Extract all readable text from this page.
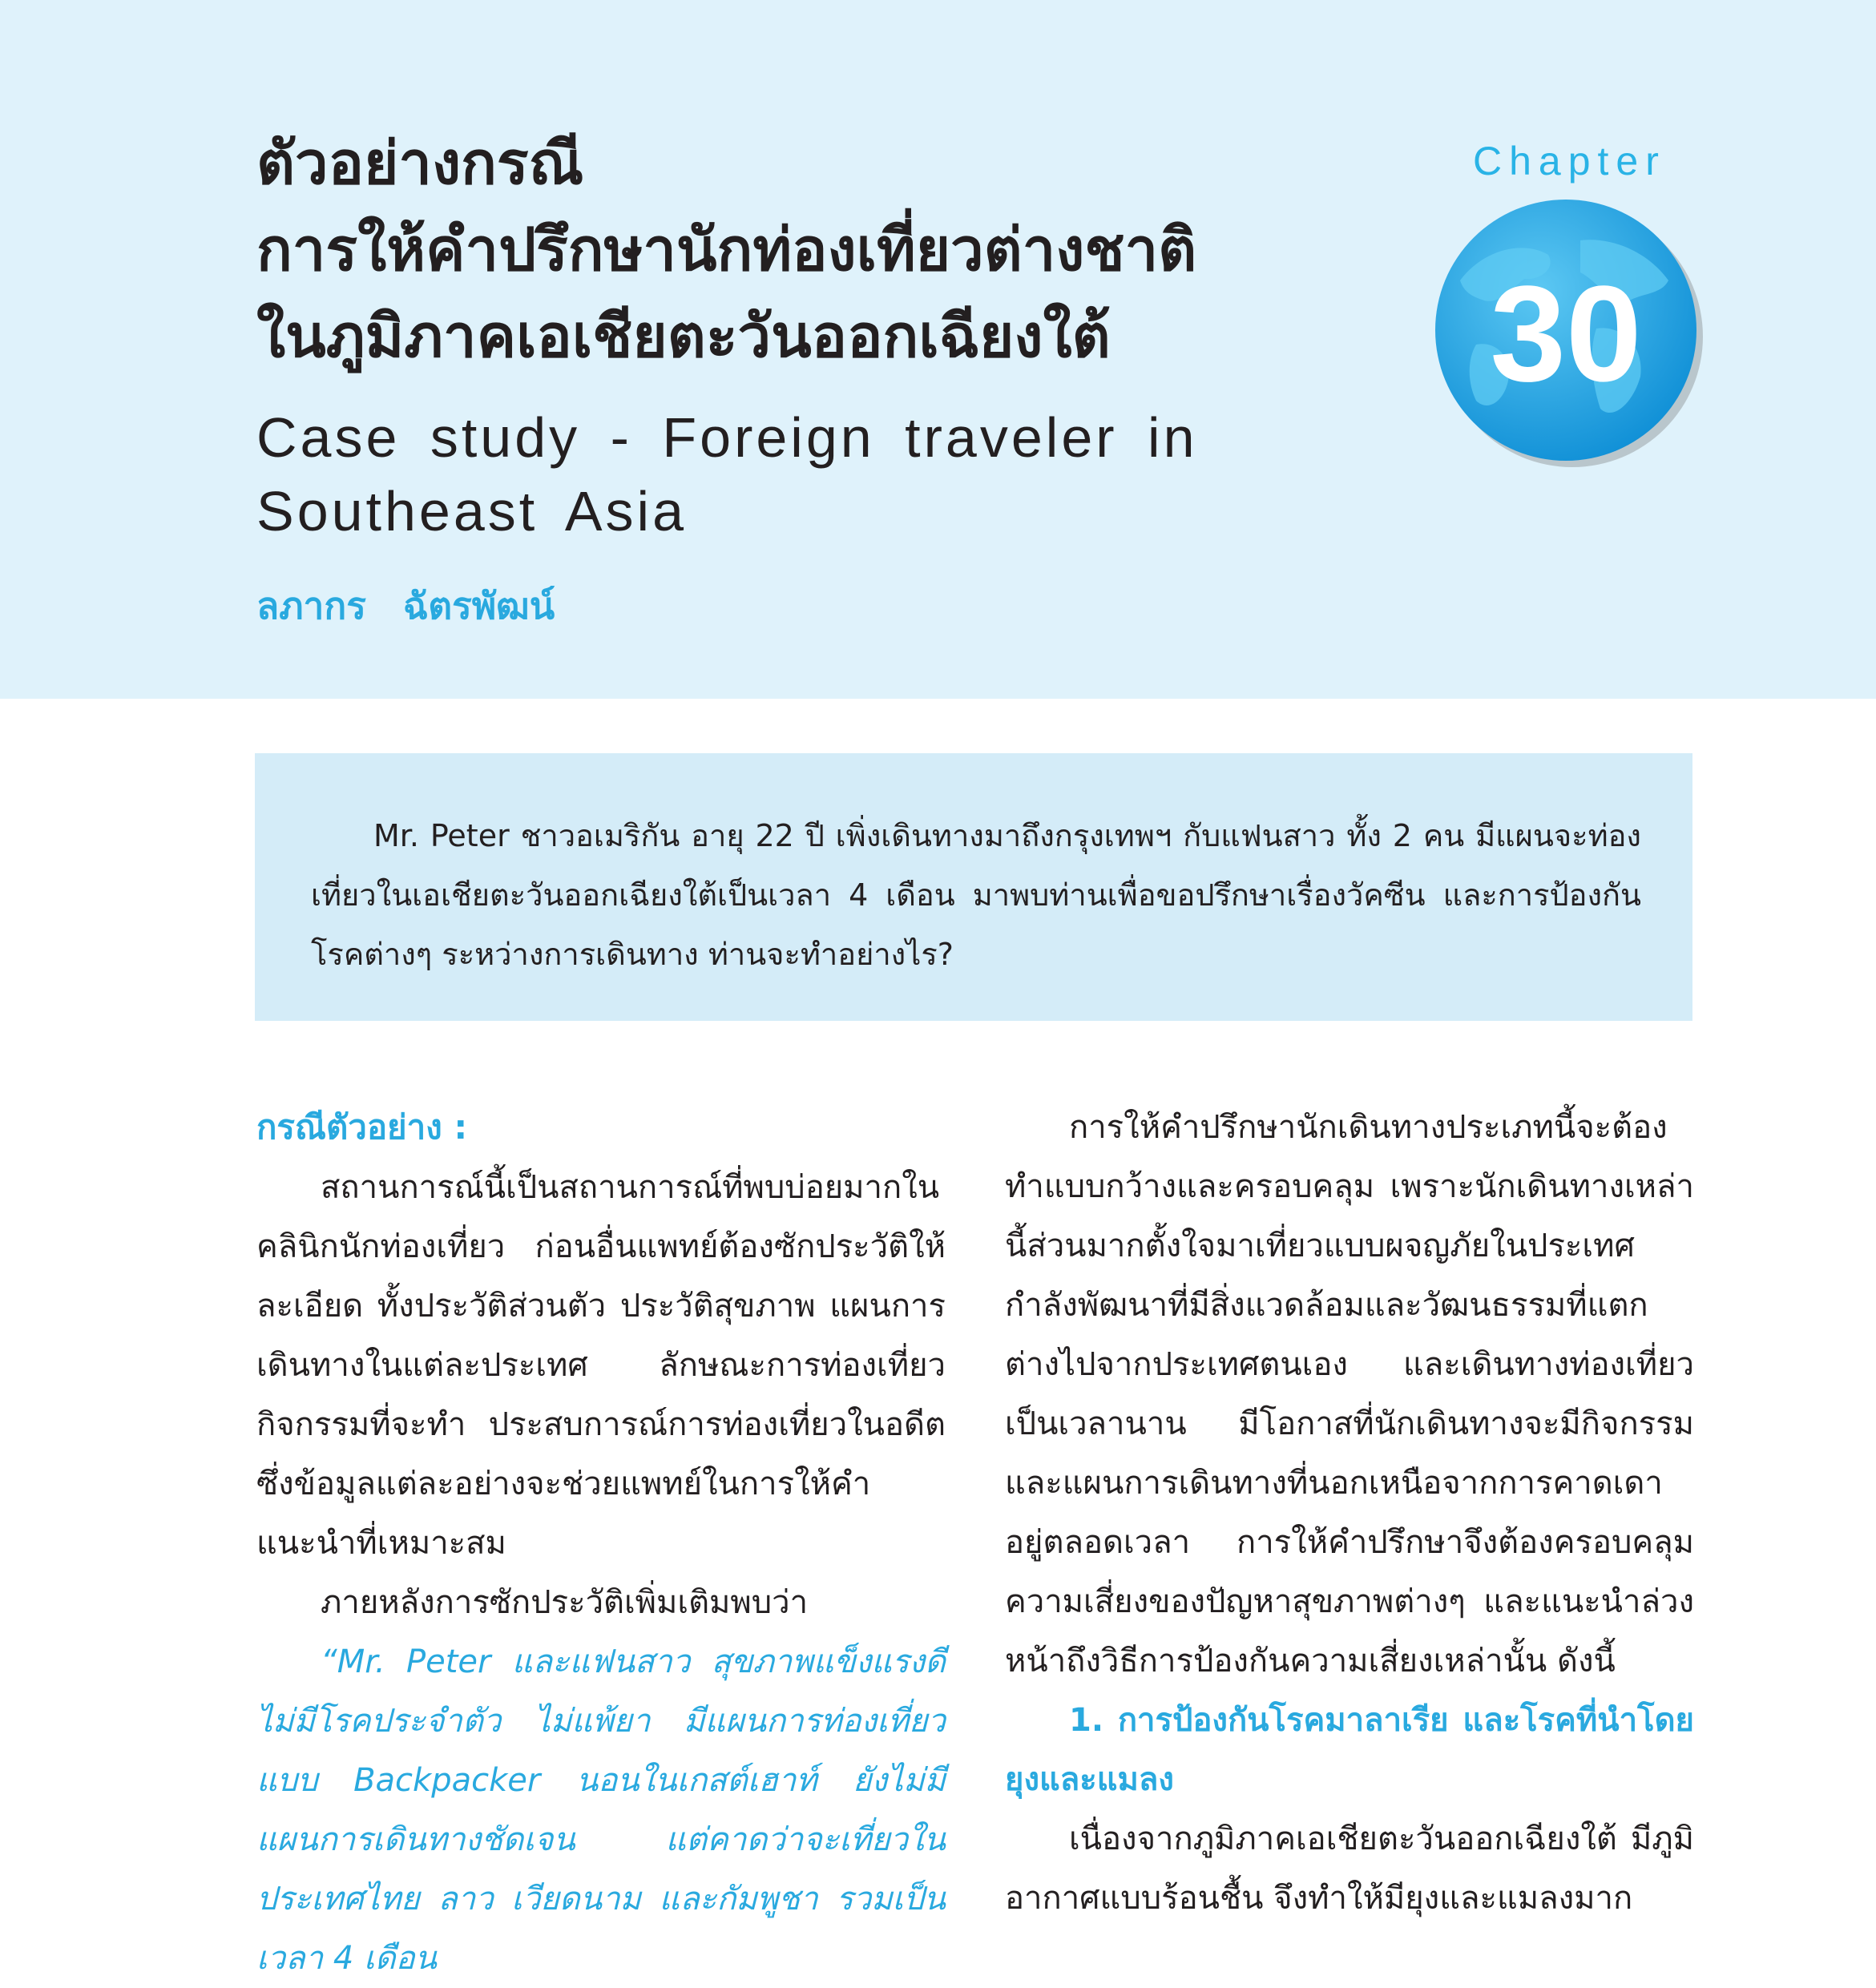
ตัวอย่างกรณี
การให้คำปรึกษานักท่องเที่ยวต่างชาติ
ในภูมิภาคเอเชียตะวันออกเฉียงใต้
Case study - Foreign traveler in
Southeast Asia
ลภากร ฉัตรพัฒน์
Chapter
30
Mr. Peter ชาวอเมริกัน อายุ 22 ปี เพิ่งเดินทางมาถึงกรุงเทพฯ กับแฟนสาว ทั้ง 2 คน มีแผนจะท่องเที่ยวในเอเชียตะวันออกเฉียงใต้เป็นเวลา 4 เดือน มาพบท่านเพื่อขอปรึกษาเรื่องวัคซีน และการป้องกันโรคต่างๆ ระหว่างการเดินทาง ท่านจะทำอย่างไร?

กรณีตัวอย่าง :

สถานการณ์นี้เป็นสถานการณ์ที่พบบ่อยมากในคลินิกนักท่องเที่ยว ก่อนอื่นแพทย์ต้องซักประวัติให้ละเอียด ทั้งประวัติส่วนตัว ประวัติสุขภาพ แผนการเดินทางในแต่ละประเทศ ลักษณะการท่องเที่ยว กิจกรรมที่จะทำ ประสบการณ์การท่องเที่ยวในอดีต ซึ่งข้อมูลแต่ละอย่างจะช่วยแพทย์ในการให้คำแนะนำที่เหมาะสม

ภายหลังการซักประวัติเพิ่มเติมพบว่า

“Mr. Peter และแฟนสาว สุขภาพแข็งแรงดี ไม่มีโรคประจำตัว ไม่แพ้ยา มีแผนการท่องเที่ยวแบบ Backpacker นอนในเกสต์เฮาท์ ยังไม่มีแผนการเดินทางชัดเจน แต่คาดว่าจะเที่ยวในประเทศไทย ลาว เวียดนาม และกัมพูชา รวมเป็นเวลา 4 เดือน

การให้คำปรึกษานักเดินทางประเภทนี้จะต้องทำแบบกว้างและครอบคลุม เพราะนักเดินทางเหล่านี้ส่วนมากตั้งใจมาเที่ยวแบบผจญภัยในประเทศกำลังพัฒนาที่มีสิ่งแวดล้อมและวัฒนธรรมที่แตกต่างไปจากประเทศตนเอง และเดินทางท่องเที่ยวเป็นเวลานาน มีโอกาสที่นักเดินทางจะมีกิจกรรมและแผนการเดินทางที่นอกเหนือจากการคาดเดาอยู่ตลอดเวลา การให้คำปรึกษาจึงต้องครอบคลุมความเสี่ยงของปัญหาสุขภาพต่างๆ และแนะนำล่วงหน้าถึงวิธีการป้องกันความเสี่ยงเหล่านั้น ดังนี้

1. การป้องกันโรคมาลาเรีย และโรคที่นำโดยยุงและแมลง

เนื่องจากภูมิภาคเอเชียตะวันออกเฉียงใต้ มีภูมิอากาศแบบร้อนชื้น จึงทำให้มียุงและแมลงมาก
